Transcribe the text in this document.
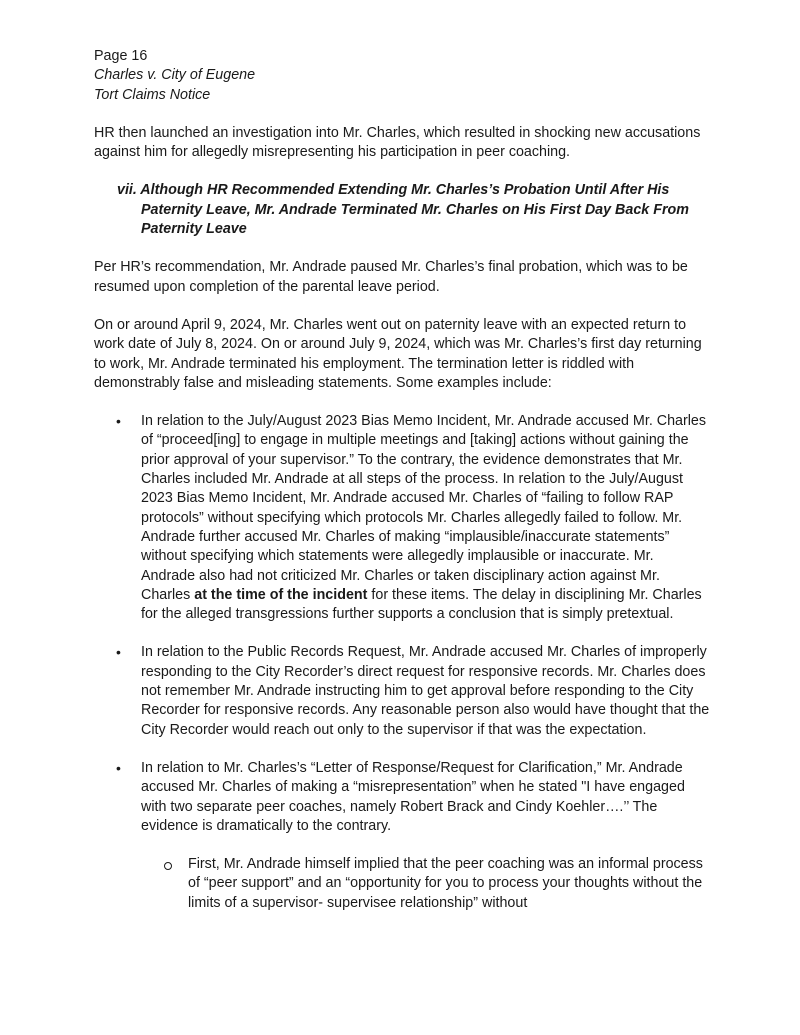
Page 16
Charles v. City of Eugene
Tort Claims Notice

HR then launched an investigation into Mr. Charles, which resulted in shocking new accusations against him for allegedly misrepresenting his participation in peer coaching.

vii. Although HR Recommended Extending Mr. Charles’s Probation Until After His Paternity Leave, Mr. Andrade Terminated Mr. Charles on His First Day Back From Paternity Leave

Per HR’s recommendation, Mr. Andrade paused Mr. Charles’s final probation, which was to be resumed upon completion of the parental leave period.

On or around April 9, 2024, Mr. Charles went out on paternity leave with an expected return to work date of July 8, 2024. On or around July 9, 2024, which was Mr. Charles’s first day returning to work, Mr. Andrade terminated his employment. The termination letter is riddled with demonstrably false and misleading statements. Some examples include:

• In relation to the July/August 2023 Bias Memo Incident, Mr. Andrade accused Mr. Charles of “proceed[ing] to engage in multiple meetings and [taking] actions without gaining the prior approval of your supervisor.” To the contrary, the evidence demonstrates that Mr. Charles included Mr. Andrade at all steps of the process. In relation to the July/August 2023 Bias Memo Incident, Mr. Andrade accused Mr. Charles of “failing to follow RAP protocols” without specifying which protocols Mr. Charles allegedly failed to follow. Mr. Andrade further accused Mr. Charles of making “implausible/inaccurate statements” without specifying which statements were allegedly implausible or inaccurate. Mr. Andrade also had not criticized Mr. Charles or taken disciplinary action against Mr. Charles at the time of the incident for these items. The delay in disciplining Mr. Charles for the alleged transgressions further supports a conclusion that is simply pretextual.
• In relation to the Public Records Request, Mr. Andrade accused Mr. Charles of improperly responding to the City Recorder’s direct request for responsive records. Mr. Charles does not remember Mr. Andrade instructing him to get approval before responding to the City Recorder for responsive records. Any reasonable person also would have thought that the City Recorder would reach out only to the supervisor if that was the expectation.
• In relation to Mr. Charles’s “Letter of Response/Request for Clarification,” Mr. Andrade accused Mr. Charles of making a “misrepresentation” when he stated "I have engaged with two separate peer coaches, namely Robert Brack and Cindy Koehler….’’ The evidence is dramatically to the contrary.
First, Mr. Andrade himself implied that the peer coaching was an informal process of “peer support” and an “opportunity for you to process your thoughts without the limits of a supervisor- supervisee relationship” without
